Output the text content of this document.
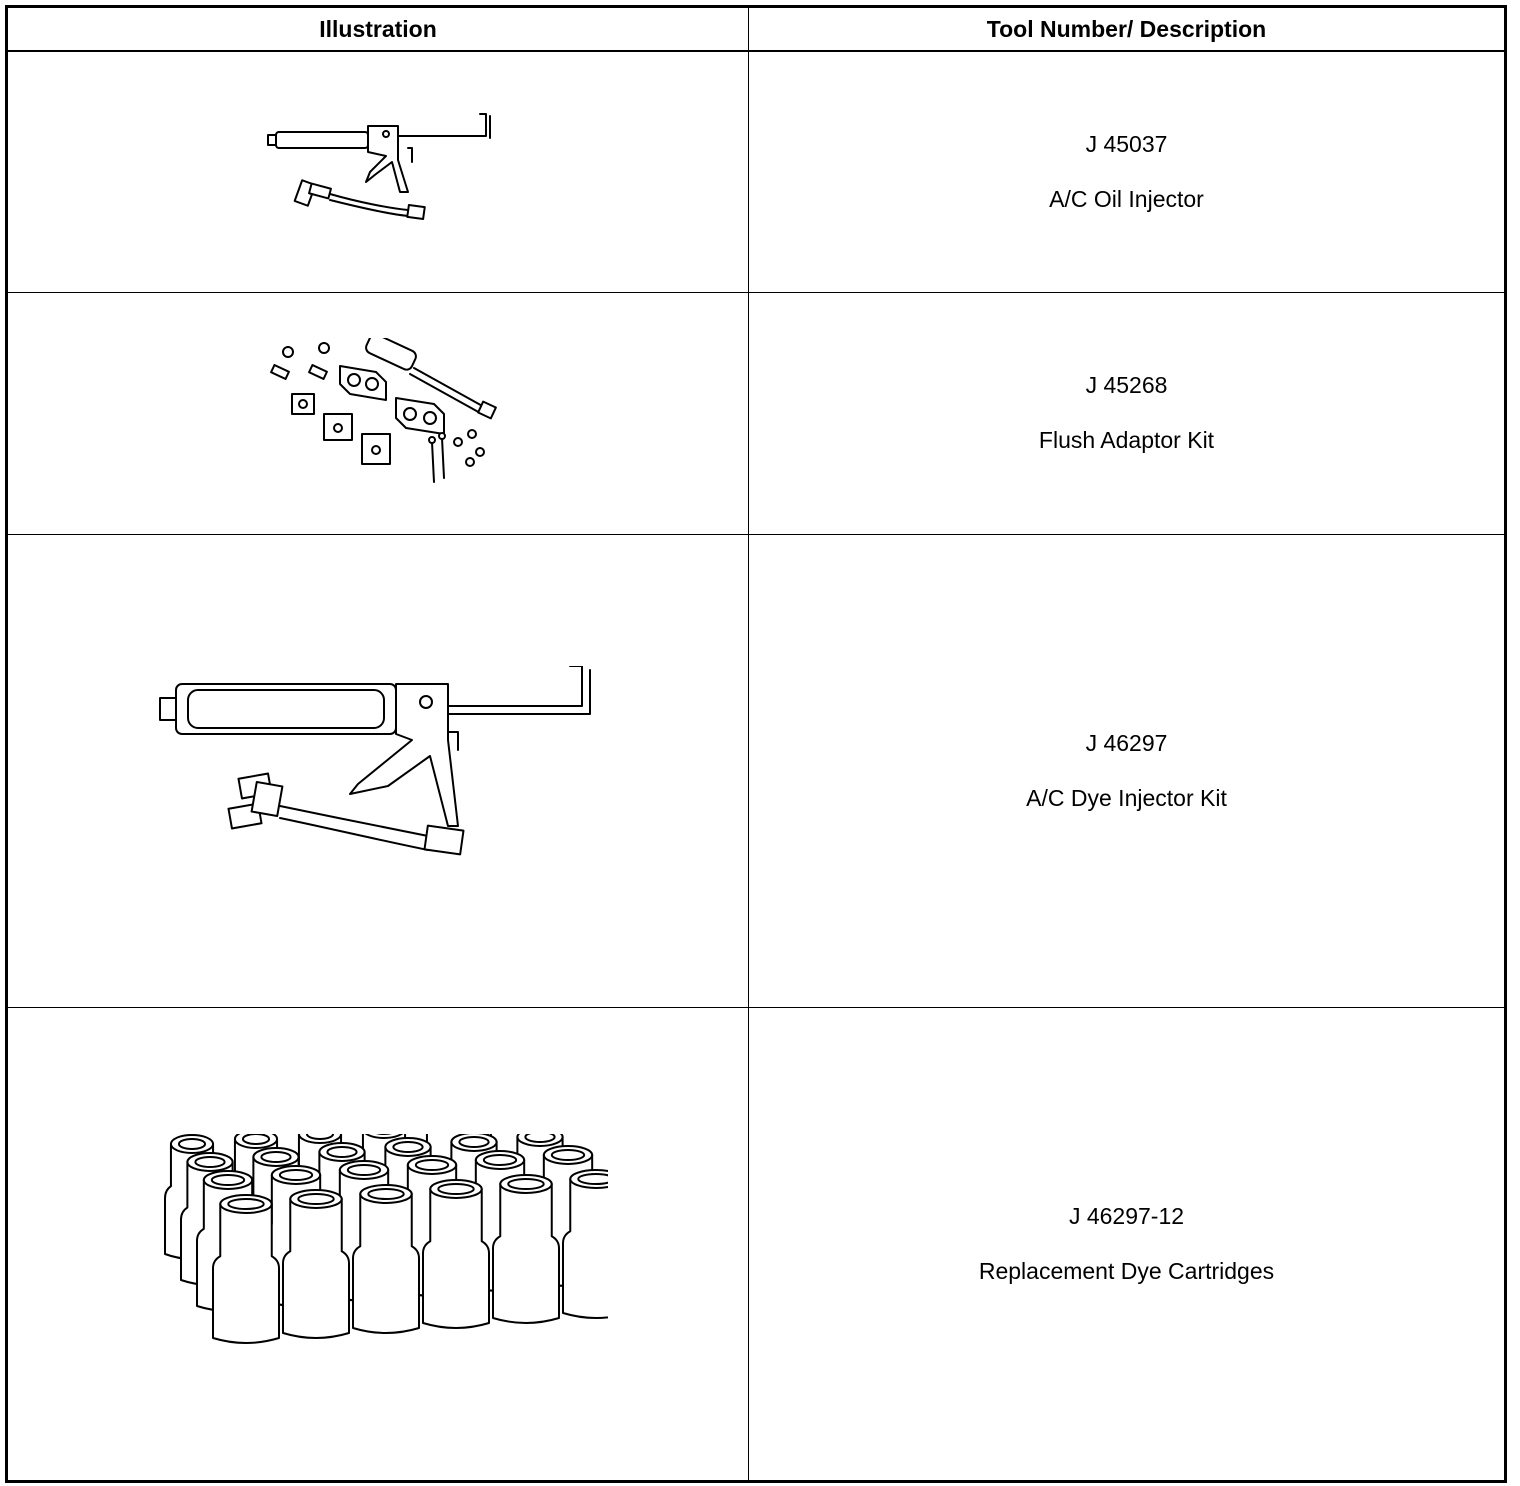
Illustration	Tool Number/ Description

J 45037
A/C Oil Injector

J 45268
Flush Adaptor Kit

J 46297
A/C Dye Injector Kit

J 46297-12
Replacement Dye Cartridges
